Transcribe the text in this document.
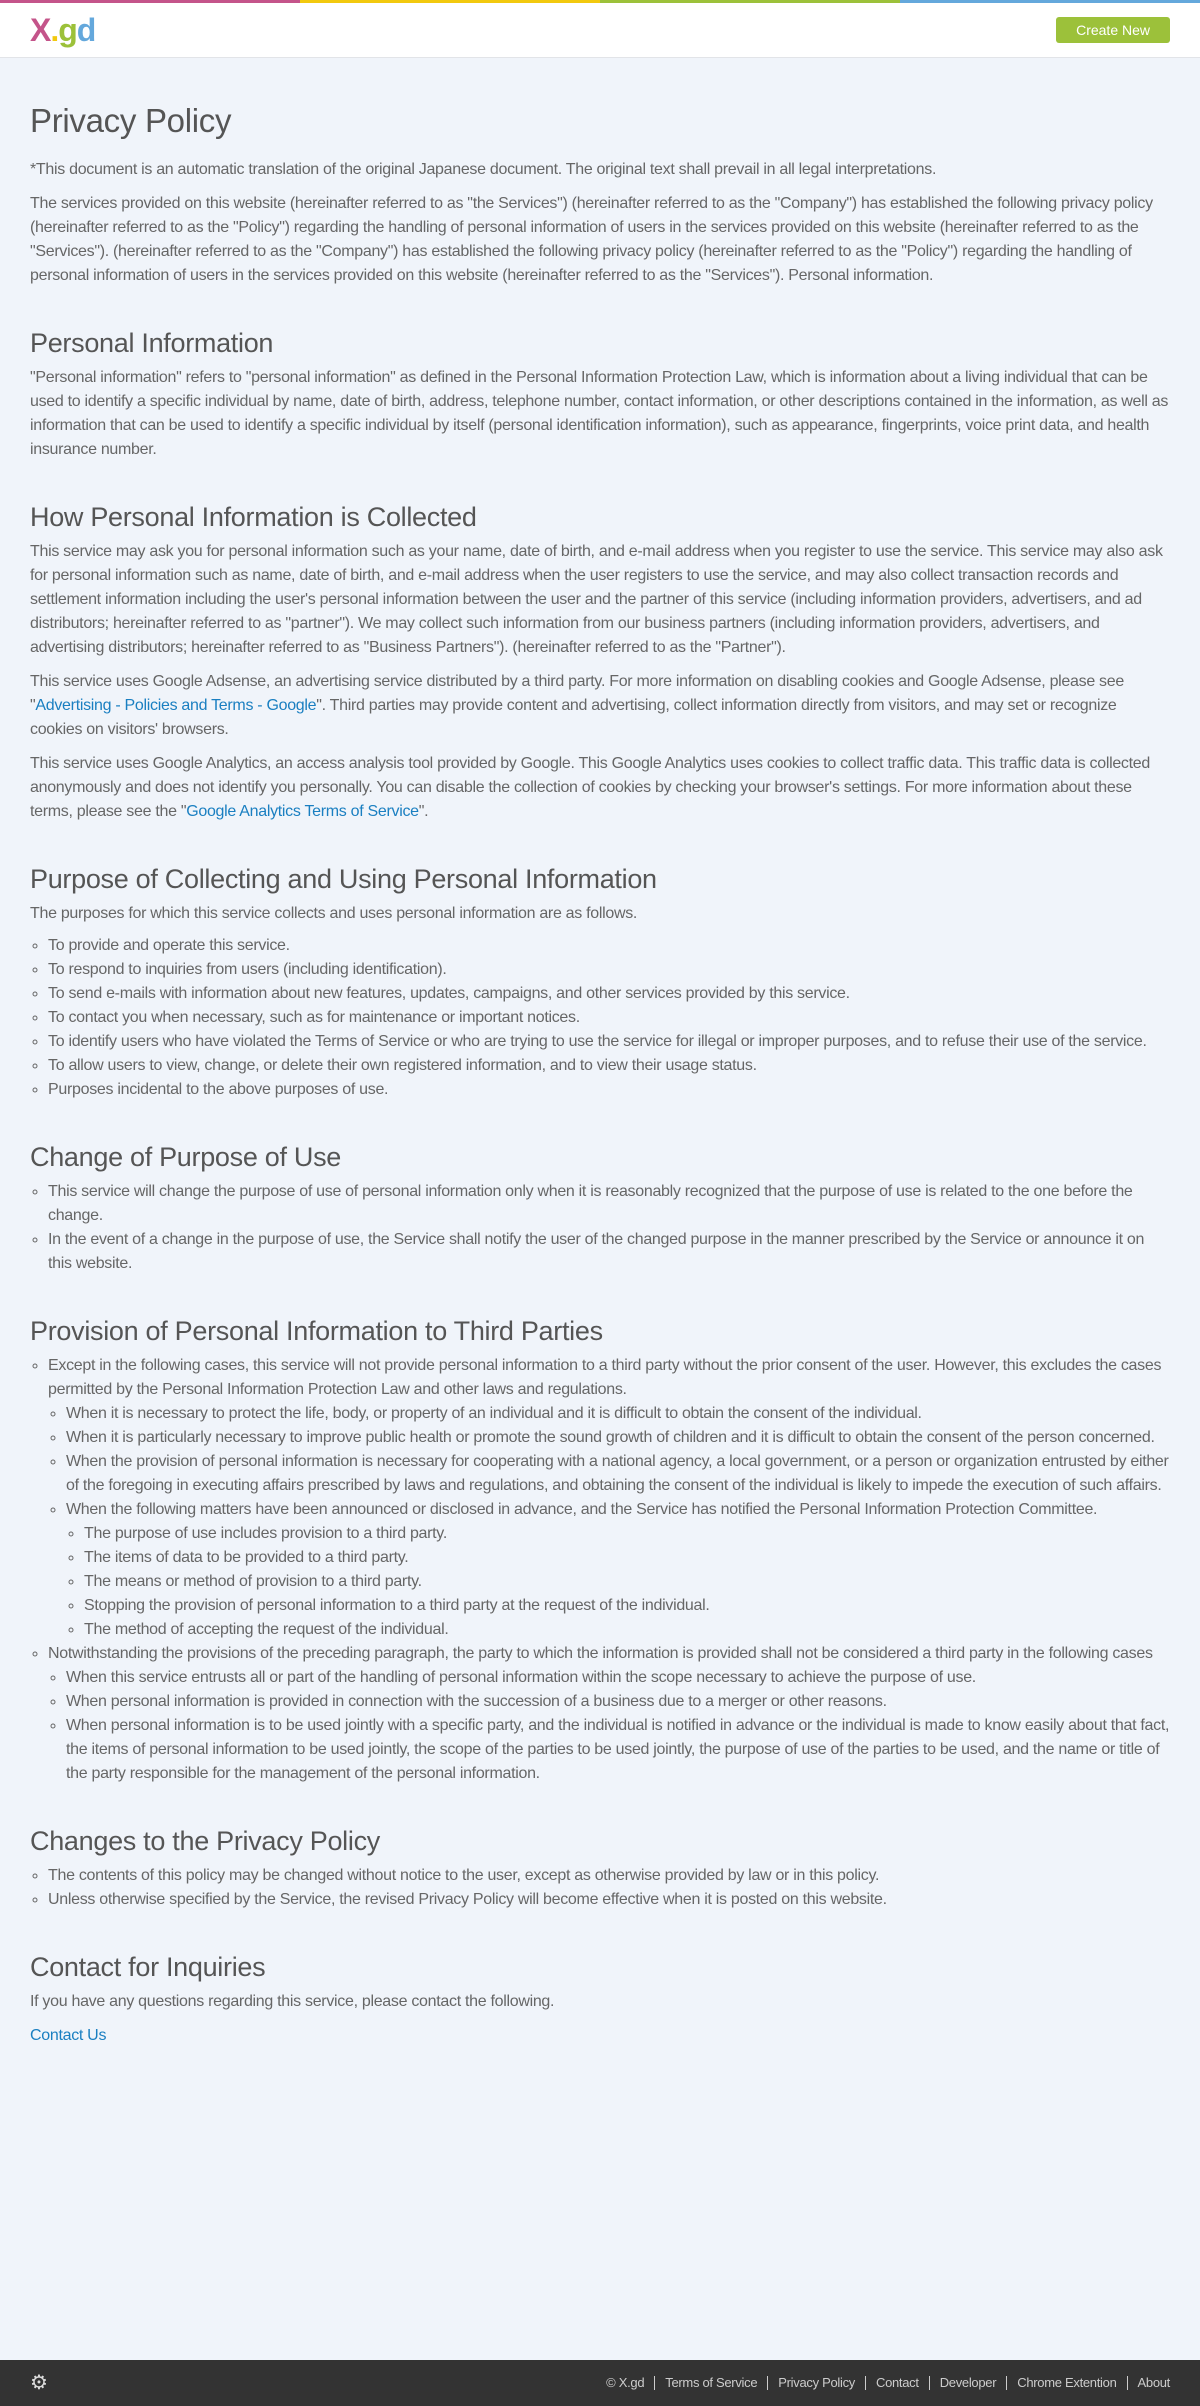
X.gd	Create New
Privacy Policy

*This document is an automatic translation of the original Japanese document. The original text shall prevail in all legal interpretations.

The services provided on this website (hereinafter referred to as "the Services") (hereinafter referred to as the "Company") has established the following privacy policy (hereinafter referred to as the "Policy") regarding the handling of personal information of users in the services provided on this website (hereinafter referred to as the "Services"). (hereinafter referred to as the "Company") has established the following privacy policy (hereinafter referred to as the "Policy") regarding the handling of personal information of users in the services provided on this website (hereinafter referred to as the "Services"). Personal information.

Personal Information

"Personal information" refers to "personal information" as defined in the Personal Information Protection Law, which is information about a living individual that can be used to identify a specific individual by name, date of birth, address, telephone number, contact information, or other descriptions contained in the information, as well as information that can be used to identify a specific individual by itself (personal identification information), such as appearance, fingerprints, voice print data, and health insurance number.

How Personal Information is Collected

This service may ask you for personal information such as your name, date of birth, and e-mail address when you register to use the service. This service may also ask for personal information such as name, date of birth, and e-mail address when the user registers to use the service, and may also collect transaction records and settlement information including the user's personal information between the user and the partner of this service (including information providers, advertisers, and ad distributors; hereinafter referred to as "partner"). We may collect such information from our business partners (including information providers, advertisers, and advertising distributors; hereinafter referred to as "Business Partners"). (hereinafter referred to as the "Partner").

This service uses Google Adsense, an advertising service distributed by a third party. For more information on disabling cookies and Google Adsense, please see "Advertising - Policies and Terms - Google". Third parties may provide content and advertising, collect information directly from visitors, and may set or recognize cookies on visitors' browsers.

This service uses Google Analytics, an access analysis tool provided by Google. This Google Analytics uses cookies to collect traffic data. This traffic data is collected anonymously and does not identify you personally. You can disable the collection of cookies by checking your browser's settings. For more information about these terms, please see the "Google Analytics Terms of Service".

Purpose of Collecting and Using Personal Information

The purposes for which this service collects and uses personal information are as follows.

◦ To provide and operate this service.
◦ To respond to inquiries from users (including identification).
◦ To send e-mails with information about new features, updates, campaigns, and other services provided by this service.
◦ To contact you when necessary, such as for maintenance or important notices.
◦ To identify users who have violated the Terms of Service or who are trying to use the service for illegal or improper purposes, and to refuse their use of the service.
◦ To allow users to view, change, or delete their own registered information, and to view their usage status.
◦ Purposes incidental to the above purposes of use.
Change of Purpose of Use
◦ This service will change the purpose of use of personal information only when it is reasonably recognized that the purpose of use is related to the one before the change.
◦ In the event of a change in the purpose of use, the Service shall notify the user of the changed purpose in the manner prescribed by the Service or announce it on this website.
Provision of Personal Information to Third Parties
◦ Except in the following cases, this service will not provide personal information to a third party without the prior consent of the user. However, this excludes the cases permitted by the Personal Information Protection Law and other laws and regulations.
◦ When it is necessary to protect the life, body, or property of an individual and it is difficult to obtain the consent of the individual.
◦ When it is particularly necessary to improve public health or promote the sound growth of children and it is difficult to obtain the consent of the person concerned.
◦ When the provision of personal information is necessary for cooperating with a national agency, a local government, or a person or organization entrusted by either of the foregoing in executing affairs prescribed by laws and regulations, and obtaining the consent of the individual is likely to impede the execution of such affairs.
◦ When the following matters have been announced or disclosed in advance, and the Service has notified the Personal Information Protection Committee.
◦ The purpose of use includes provision to a third party.
◦ The items of data to be provided to a third party.
◦ The means or method of provision to a third party.
◦ Stopping the provision of personal information to a third party at the request of the individual.
◦ The method of accepting the request of the individual.
◦ Notwithstanding the provisions of the preceding paragraph, the party to which the information is provided shall not be considered a third party in the following cases
◦ When this service entrusts all or part of the handling of personal information within the scope necessary to achieve the purpose of use.
◦ When personal information is provided in connection with the succession of a business due to a merger or other reasons.
◦ When personal information is to be used jointly with a specific party, and the individual is notified in advance or the individual is made to know easily about that fact, the items of personal information to be used jointly, the scope of the parties to be used jointly, the purpose of use of the parties to be used, and the name or title of the party responsible for the management of the personal information.
Changes to the Privacy Policy
◦ The contents of this policy may be changed without notice to the user, except as otherwise provided by law or in this policy.
◦ Unless otherwise specified by the Service, the revised Privacy Policy will become effective when it is posted on this website.
Contact for Inquiries

If you have any questions regarding this service, please contact the following.

Contact Us
⚙	© X.gd	Terms of Service	Privacy Policy	Contact	Developer	Chrome Extention	About
